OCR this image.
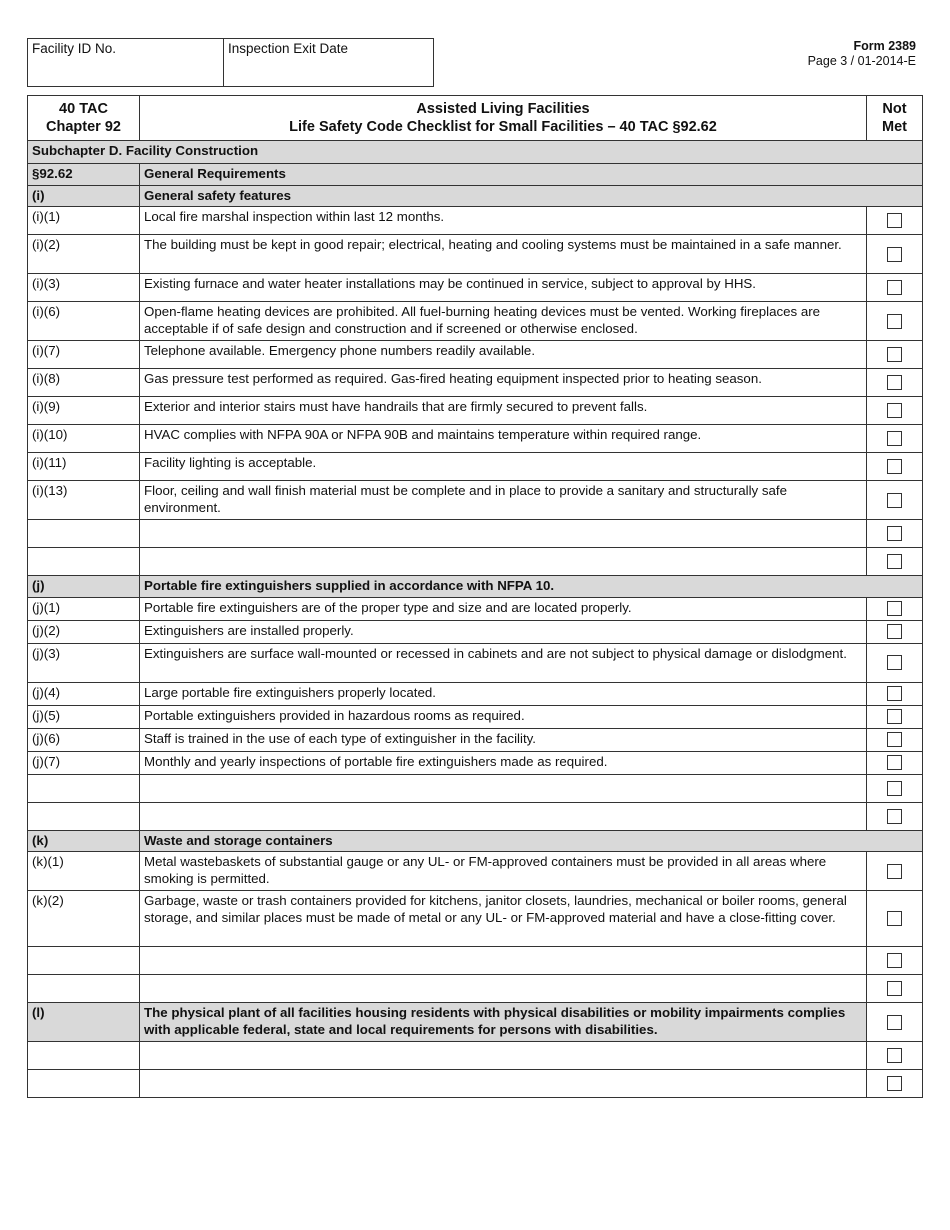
Facility ID No.	Inspection Exit Date	Form 2389
Page 3 / 01-2014-E
40 TAC Chapter 92	Assisted Living Facilities
Life Safety Code Checklist for Small Facilities – 40 TAC §92.62	Not Met
Subchapter D. Facility Construction		
§92.62	General Requirements	
(i)	General safety features	
(i)(1)	Local fire marshal inspection within last 12 months.	
(i)(2)	The building must be kept in good repair; electrical, heating and cooling systems must be maintained in a safe manner.	
(i)(3)	Existing furnace and water heater installations may be continued in service, subject to approval by HHS.	
(i)(6)	Open-flame heating devices are prohibited. All fuel-burning heating devices must be vented. Working fireplaces are acceptable if of safe design and construction and if screened or otherwise enclosed.	
(i)(7)	Telephone available. Emergency phone numbers readily available.	
(i)(8)	Gas pressure test performed as required. Gas-fired heating equipment inspected prior to heating season.	
(i)(9)	Exterior and interior stairs must have handrails that are firmly secured to prevent falls.	
(i)(10)	HVAC complies with NFPA 90A or NFPA 90B and maintains temperature within required range.	
(i)(11)	Facility lighting is acceptable.	
(i)(13)	Floor, ceiling and wall finish material must be complete and in place to provide a sanitary and structurally safe environment.	

(j)	Portable fire extinguishers supplied in accordance with NFPA 10.	
(j)(1)	Portable fire extinguishers are of the proper type and size and are located properly.	
(j)(2)	Extinguishers are installed properly.	
(j)(3)	Extinguishers are surface wall-mounted or recessed in cabinets and are not subject to physical damage or dislodgment.	
(j)(4)	Large portable fire extinguishers properly located.	
(j)(5)	Portable extinguishers provided in hazardous rooms as required.	
(j)(6)	Staff is trained in the use of each type of extinguisher in the facility.	
(j)(7)	Monthly and yearly inspections of portable fire extinguishers made as required.	

(k)	Waste and storage containers	
(k)(1)	Metal wastebaskets of substantial gauge or any UL- or FM-approved containers must be provided in all areas where smoking is permitted.	
(k)(2)	Garbage, waste or trash containers provided for kitchens, janitor closets, laundries, mechanical or boiler rooms, general storage, and similar places must be made of metal or any UL- or FM-approved material and have a close-fitting cover.	

(l)	The physical plant of all facilities housing residents with physical disabilities or mobility impairments complies with applicable federal, state and local requirements for persons with disabilities.	
